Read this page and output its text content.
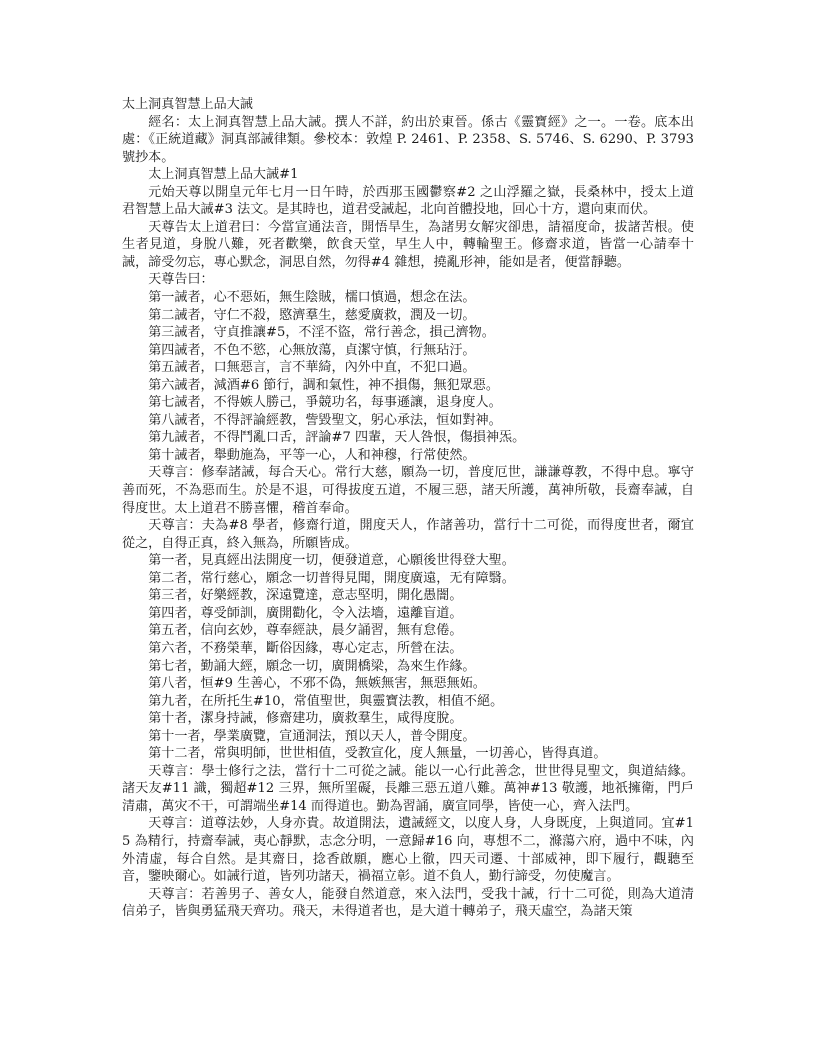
太上洞真智慧上品大誡

經名：太上洞真智慧上品大誡。撰人不詳，約出於東晉。係古《靈寶經》之一。一卷。底本出處：《正統道藏》洞真部誡律類。參校本：敦煌 P. 2461、P. 2358、S. 5746、S. 6290、P. 3793 號抄本。

太上洞真智慧上品大誡#1

元始天尊以開皇元年七月一日午時，於西那玉國鬱察#2 之山浮羅之嶽，長桑林中，授太上道君智慧上品大誡#3 法文。是其時也，道君受誡起，北向首體投地，回心十方，還向東而伏。

天尊告太上道君曰：今當宣通法音，開悟旱生，為諸男女解灾卻患，請福度命，拔諸苦根。使生者見道，身脫八難，死者歡樂，飲食天堂，早生人中，轉輪聖王。修齋求道，皆當一心請奉十誡，諦受勿忘，專心默念，洞思自然，勿得#4 雜想，撓亂形神，能如是者，便當靜聽。

天尊告曰：

第一誡者，心不惡妬，無生陰賊，檽口慎過，想念在法。

第二誡者，守仁不殺，愍濟羣生，慈愛廣救，潤及一切。

第三誡者，守貞推讓#5，不淫不盜，常行善念，損己濟物。

第四誡者，不色不慾，心無放蕩，貞潔守慎，行無玷汙。

第五誡者，口無惡言，言不華綺，內外中直，不犯口過。

第六誡者，減酒#6 節行，調和氣性，神不損傷，無犯眾惡。

第七誡者，不得嫉人勝己，爭競功名，每事遜讓，退身度人。

第八誡者，不得評論經教，訾毀聖文，躬心承法，恒如對神。

第九誡者，不得鬥亂口舌，評論#7 四輩，天人咎恨，傷損神炁。

第十誡者，舉動施為，平等一心，人和神穆，行常使然。

天尊言：修奉諸誡，每合天心。常行大慈，願為一切，普度厄世，謙謙尊教，不得中息。寧守善而死，不為惡而生。於是不退，可得拔度五道，不履三惡，諸天所護，萬神所敬，長齋奉誡，自得度世。太上道君不勝喜懼，稽首奉命。

天尊言：夫為#8 學者，修齋行道，開度天人，作諸善功，當行十二可從，而得度世者，爾宜從之，自得正真，終入無為，所願皆成。

第一者，見真經出法開度一切，便發道意，心願後世得登大聖。

第二者，常行慈心，願念一切普得見聞，開度廣遠，无有障翳。

第三者，好樂經教，深遠覽達，意志堅明，開化愚闇。

第四者，尊受師訓，廣開勸化，令入法墻，遠離盲道。

第五者，信向玄妙，尊奉經訣，晨夕誦習，無有怠倦。

第六者，不務榮華，斷俗因緣，專心定志，所營在法。

第七者，勤誦大經，願念一切，廣開橋梁，為來生作緣。

第八者，恒#9 生善心，不邪不偽，無嫉無害，無惡無妬。

第九者，在所托生#10，常值聖世，與靈寶法教，相值不絕。

第十者，潔身持誡，修齋建功，廣救羣生，咸得度脫。

第十一者，學業廣覽，宣通洞法，預以天人，普令開度。

第十二者，常與明師，世世相值，受教宣化，度人無量，一切善心，皆得真道。

天尊言：學士修行之法，當行十二可從之誡。能以一心行此善念，世世得見聖文，與道結緣。諸天友#11 識，獨超#12 三界，無所罣礙，長離三惡五道八難。萬神#13 敬護，地祇擁衛，門戶清肅，萬灾不干，可謂端坐#14 而得道也。勤為習誦，廣宣同學，皆使一心，齊入法門。

天尊言：道尊法妙，人身亦貴。故道開法，遺誡經文，以度人身，人身既度，上與道同。宜#15 為精行，持齋奉誡，夷心靜默，志念分明，一意歸#16 向，專想不二，滌蕩六府，過中不味，內外清虛，每合自然。是其齋日，捻香啟願，應心上徹，四天司遷、十部威神，即下履行，觀聽至音，鑒映爾心。如誡行道，皆列功諸天，禍福立彰。道不負人，勤行諦受，勿使魔言。

天尊言：若善男子、善女人，能發自然道意，來入法門，受我十誡，行十二可從，則為大道清信弟子，皆與勇猛飛天齊功。飛天，未得道者也，是大道十轉弟子，飛天虛空，為諸天策
